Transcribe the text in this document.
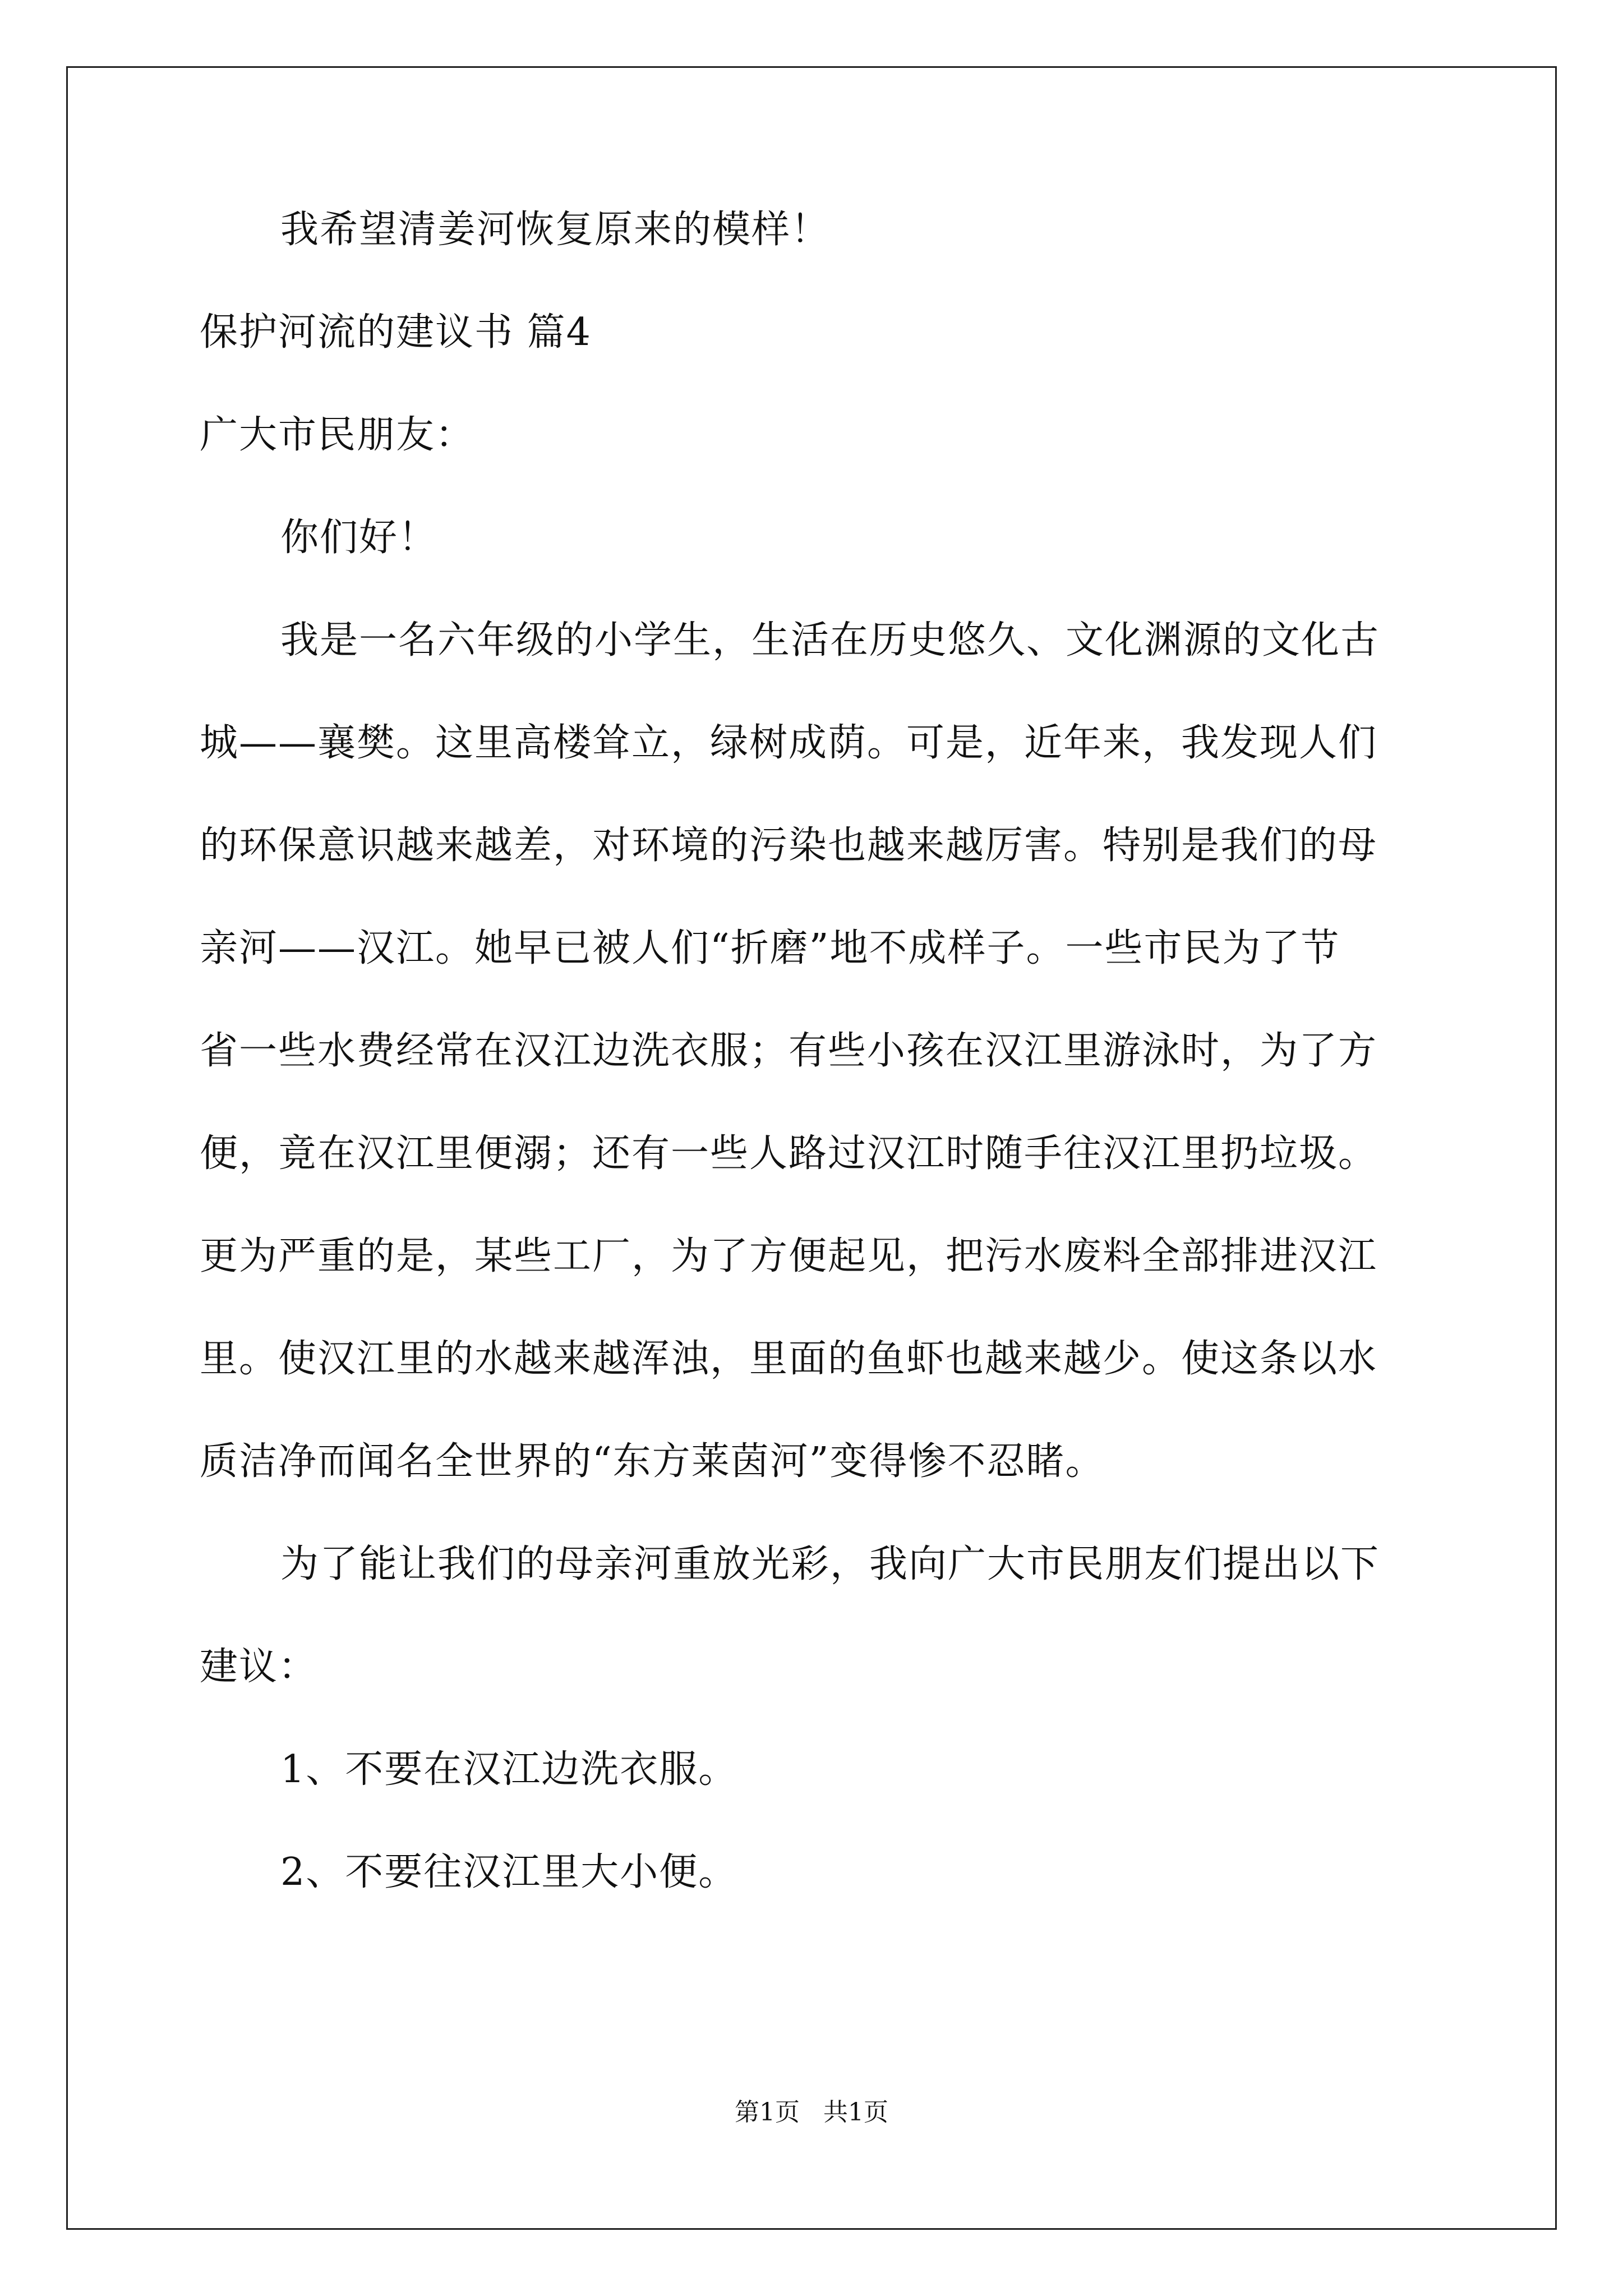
我希望清姜河恢复原来的模样！
保护河流的建议书 篇4
广大市民朋友：
你们好！
我是一名六年级的小学生，生活在历史悠久、文化渊源的文化古
城——襄樊。这里高楼耸立，绿树成荫。可是，近年来，我发现人们
的环保意识越来越差，对环境的污染也越来越厉害。特别是我们的母
亲河——汉江。她早已被人们“折磨”地不成样子。一些市民为了节
省一些水费经常在汉江边洗衣服；有些小孩在汉江里游泳时，为了方
便，竟在汉江里便溺；还有一些人路过汉江时随手往汉江里扔垃圾。
更为严重的是，某些工厂，为了方便起见，把污水废料全部排进汉江
里。使汉江里的水越来越浑浊，里面的鱼虾也越来越少。使这条以水
质洁净而闻名全世界的“东方莱茵河”变得惨不忍睹。
为了能让我们的母亲河重放光彩，我向广大市民朋友们提出以下
建议：
1、不要在汉江边洗衣服。
2、不要往汉江里大小便。
第1页   共1页
